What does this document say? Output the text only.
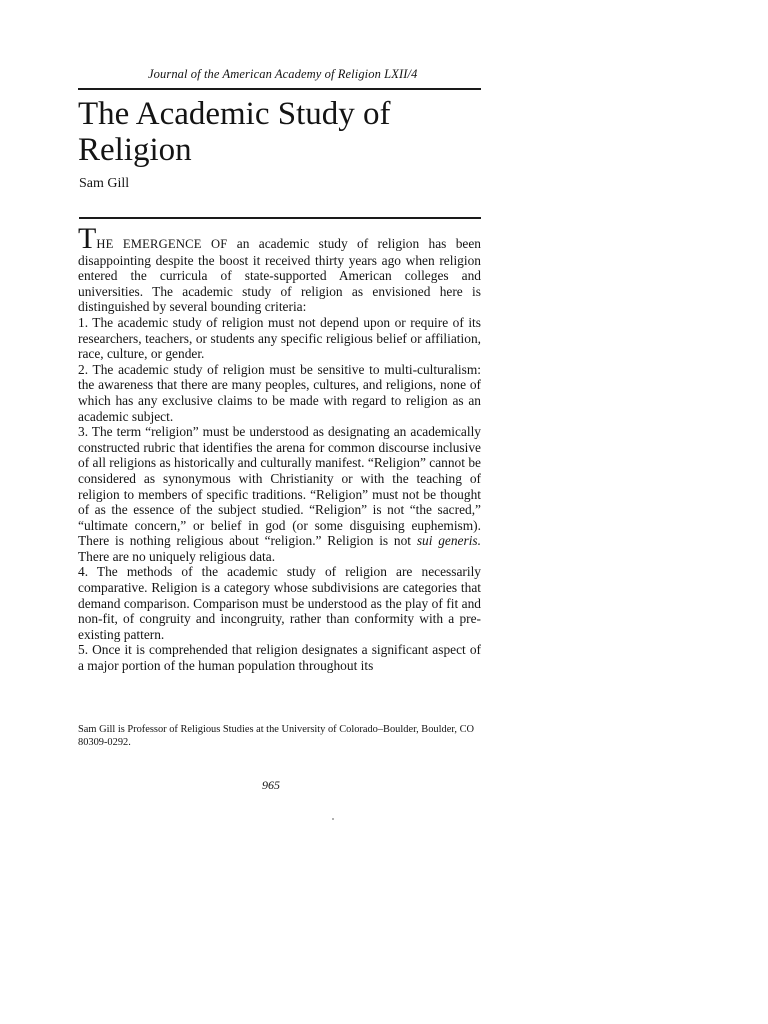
Journal of the American Academy of Religion LXII/4
The Academic Study of Religion
Sam Gill

THE EMERGENCE OF an academic study of religion has been disappointing despite the boost it received thirty years ago when religion entered the curricula of state-supported American colleges and universities. The academic study of religion as envisioned here is distinguished by several bounding criteria:

1. The academic study of religion must not depend upon or require of its researchers, teachers, or students any specific religious belief or affiliation, race, culture, or gender.

2. The academic study of religion must be sensitive to multi-culturalism: the awareness that there are many peoples, cultures, and religions, none of which has any exclusive claims to be made with regard to religion as an academic subject.

3. The term “religion” must be understood as designating an academically constructed rubric that identifies the arena for common discourse inclusive of all religions as historically and culturally manifest. “Religion” cannot be considered as synonymous with Christianity or with the teaching of religion to members of specific traditions. “Religion” must not be thought of as the essence of the subject studied. “Religion” is not “the sacred,” “ultimate concern,” or belief in god (or some disguising euphemism). There is nothing religious about “religion.” Religion is not sui generis. There are no uniquely religious data.

4. The methods of the academic study of religion are necessarily comparative. Religion is a category whose subdivisions are categories that demand comparison. Comparison must be understood as the play of fit and non-fit, of congruity and incongruity, rather than conformity with a pre-existing pattern.

5. Once it is comprehended that religion designates a significant aspect of a major portion of the human population throughout its

Sam Gill is Professor of Religious Studies at the University of Colorado–Boulder, Boulder, CO 80309-0292.
965
